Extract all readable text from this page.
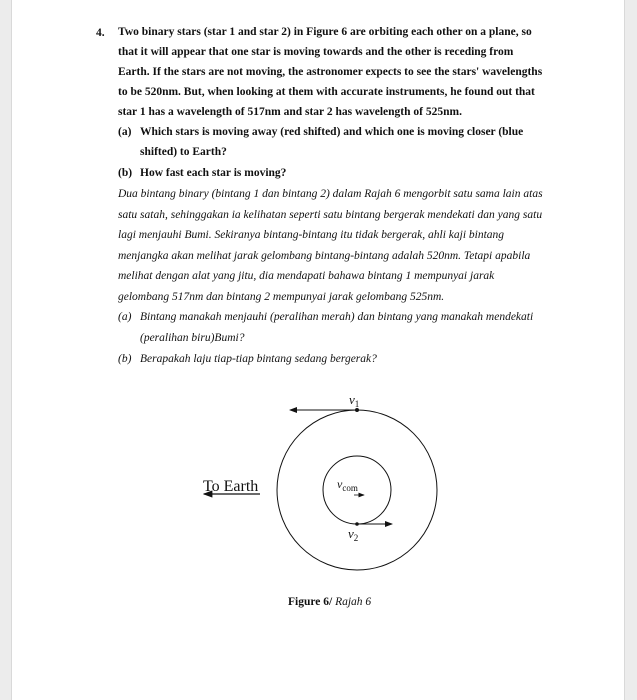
4. Two binary stars (star 1 and star 2) in Figure 6 are orbiting each other on a plane, so
that it will appear that one star is moving towards and the other is receding from
Earth. If the stars are not moving, the astronomer expects to see the stars' wavelengths
to be 520nm. But, when looking at them with accurate instruments, he found out that
star 1 has a wavelength of 517nm and star 2 has wavelength of 525nm.
(a) Which stars is moving away (red shifted) and which one is moving closer (blue
shifted) to Earth?
(b) How fast each star is moving?
Dua bintang binary (bintang 1 dan bintang 2) dalam Rajah 6 mengorbit satu sama lain atas
satu satah, sehinggakan ia kelihatan seperti satu bintang bergerak mendekati dan yang satu
lagi menjauhi Bumi. Sekiranya bintang-bintang itu tidak bergerak, ahli kaji bintang
menjangka akan melihat jarak gelombang bintang-bintang adalah 520nm. Tetapi apabila
melihat dengan alat yang jitu, dia mendapati bahawa bintang 1 mempunyai jarak
gelombang 517nm dan bintang 2 mempunyai jarak gelombang 525nm.
(a) Bintang manakah menjauhi (peralihan merah) dan bintang yang manakah mendekati
(peralihan biru)Bumi?
(b) Berapakah laju tiap-tiap bintang sedang bergerak?
To Earth
$v_1$
$v_{com}$
$v_2$
Figure 6/ Rajah 6
